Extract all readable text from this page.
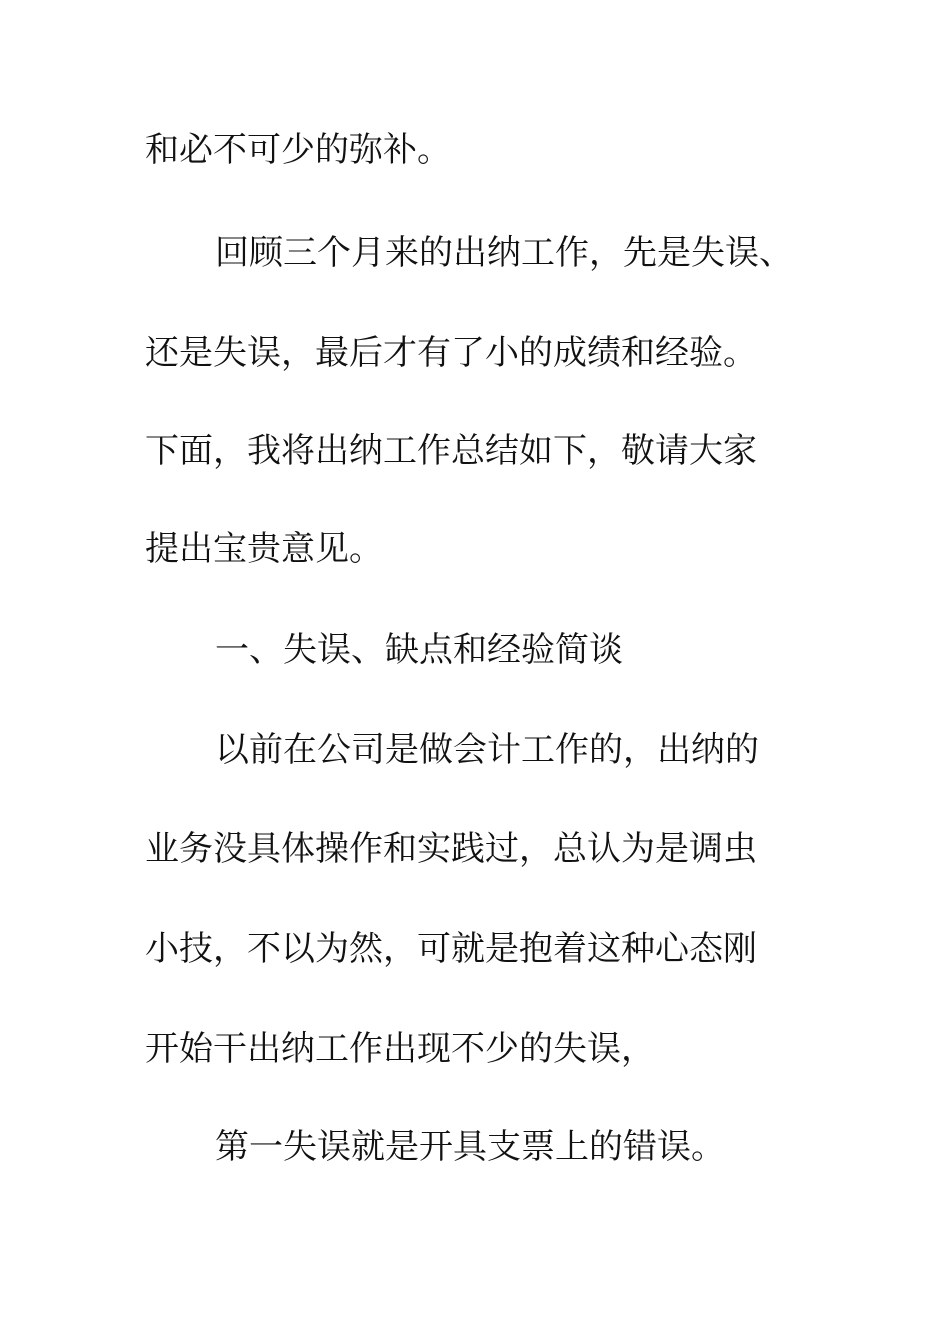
和必不可少的弥补。

回顾三个月来的出纳工作，先是失误、

还是失误，最后才有了小的成绩和经验。

下面，我将出纳工作总结如下，敬请大家

提出宝贵意见。

一、失误、缺点和经验简谈

以前在公司是做会计工作的，出纳的

业务没具体操作和实践过，总认为是调虫

小技，不以为然，可就是抱着这种心态刚

开始干出纳工作出现不少的失误，

第一失误就是开具支票上的错误。
